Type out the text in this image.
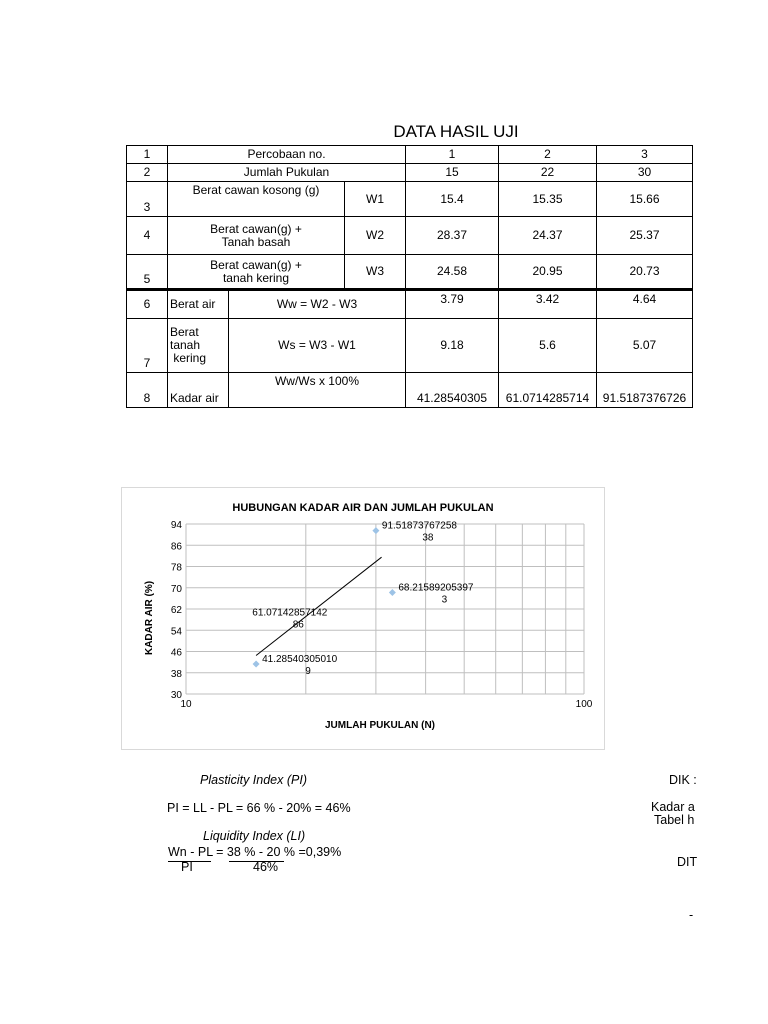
DATA HASIL UJI
1	Percobaan no.			1	2	3
2	Jumlah Pukulan			15	22	30
3	Berat cawan kosong (g)		W1	15.4	15.35	15.66
4	Berat cawan(g) +
Tanah basah		W2	28.37	24.37	25.37
5	Berat cawan(g) +
tanah kering		W3	24.58	20.95	20.73
6	Berat air	Ww = W2 - W3		3.79	3.42	4.64
7	Berat
tanah
kering	Ws = W3 - W1		9.18	5.6	5.07
8	Kadar air	Ww/Ws x 100%		41.28540305	61.0714285714	91.5187376726
HUBUNGAN KADAR AIR DAN JUMLAH PUKULAN
30
38
46
54
62
70
78
86
94
10	100
41.28540305010
9
91.51873767258
38
68.21589205397
3
61.07142857142
86
JUMLAH PUKULAN (N)
KADAR AIR (%)
Plasticity Index (PI)
PI = LL - PL = 66 % - 20% = 46%
Liquidity Index (LI)
Wn - PL = 38 % - 20 % =0,39%
PI	46%
DIK :
Kadar a
Tabel h
DIT
-
